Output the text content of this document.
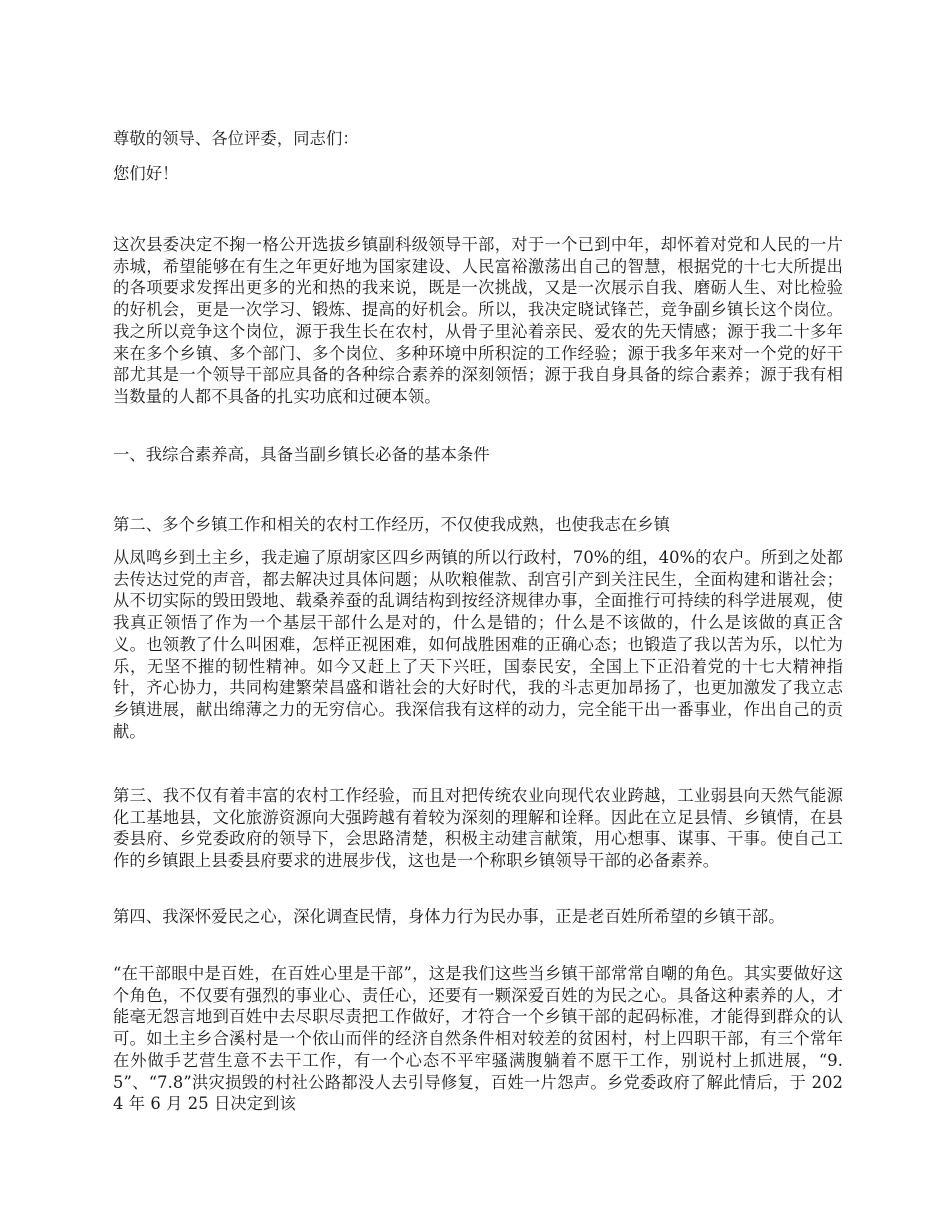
尊敬的领导、各位评委，同志们：

您们好！

这次县委决定不掬一格公开选拔乡镇副科级领导干部，对于一个已到中年，却怀着对党和人民的一片赤城，希望能够在有生之年更好地为国家建设、人民富裕激荡出自己的智慧，根据党的十七大所提出的各项要求发挥出更多的光和热的我来说，既是一次挑战，又是一次展示自我、磨砺人生、对比检验的好机会，更是一次学习、锻炼、提高的好机会。所以，我决定晓试锋芒，竞争副乡镇长这个岗位。我之所以竞争这个岗位，源于我生长在农村，从骨子里沁着亲民、爱农的先天情感；源于我二十多年来在多个乡镇、多个部门、多个岗位、多种环境中所积淀的工作经验；源于我多年来对一个党的好干部尤其是一个领导干部应具备的各种综合素养的深刻领悟；源于我自身具备的综合素养；源于我有相当数量的人都不具备的扎实功底和过硬本领。

一、我综合素养高，具备当副乡镇长必备的基本条件

第二、多个乡镇工作和相关的农村工作经历，不仅使我成熟，也使我志在乡镇

从凤鸣乡到土主乡，我走遍了原胡家区四乡两镇的所以行政村，70%的组，40%的农户。所到之处都去传达过党的声音，都去解决过具体问题；从吹粮催款、刮宫引产到关注民生，全面构建和谐社会；从不切实际的毁田毁地、载桑养蚕的乱调结构到按经济规律办事，全面推行可持续的科学进展观，使我真正领悟了作为一个基层干部什么是对的，什么是错的；什么是不该做的，什么是该做的真正含义。也领教了什么叫困难，怎样正视困难，如何战胜困难的正确心态；也锻造了我以苦为乐，以忙为乐，无坚不摧的韧性精神。如今又赶上了天下兴旺，国泰民安，全国上下正沿着党的十七大精神指针，齐心协力，共同构建繁荣昌盛和谐社会的大好时代，我的斗志更加昂扬了，也更加激发了我立志乡镇进展，献出绵薄之力的无穷信心。我深信我有这样的动力，完全能干出一番事业，作出自己的贡献。

第三、我不仅有着丰富的农村工作经验，而且对把传统农业向现代农业跨越，工业弱县向天然气能源化工基地县，文化旅游资源向大强跨越有着较为深刻的理解和诠释。因此在立足县情、乡镇情，在县委县府、乡党委政府的领导下，会思路清楚，积极主动建言献策，用心想事、谋事、干事。使自己工作的乡镇跟上县委县府要求的进展步伐，这也是一个称职乡镇领导干部的必备素养。

第四、我深怀爱民之心，深化调查民情，身体力行为民办事，正是老百姓所希望的乡镇干部。

“在干部眼中是百姓，在百姓心里是干部”，这是我们这些当乡镇干部常常自嘲的角色。其实要做好这个角色，不仅要有强烈的事业心、责任心，还要有一颗深爱百姓的为民之心。具备这种素养的人，才能毫无怨言地到百姓中去尽职尽责把工作做好，才符合一个乡镇干部的起码标准，才能得到群众的认可。如土主乡合溪村是一个依山而伴的经济自然条件相对较差的贫困村，村上四职干部，有三个常年在外做手艺营生意不去干工作，有一个心态不平牢骚满腹躺着不愿干工作，别说村上抓进展，“9.5”、“7.8”洪灾损毁的村社公路都没人去引导修复，百姓一片怨声。乡党委政府了解此情后，于 2024 年 6 月 25 日决定到该
